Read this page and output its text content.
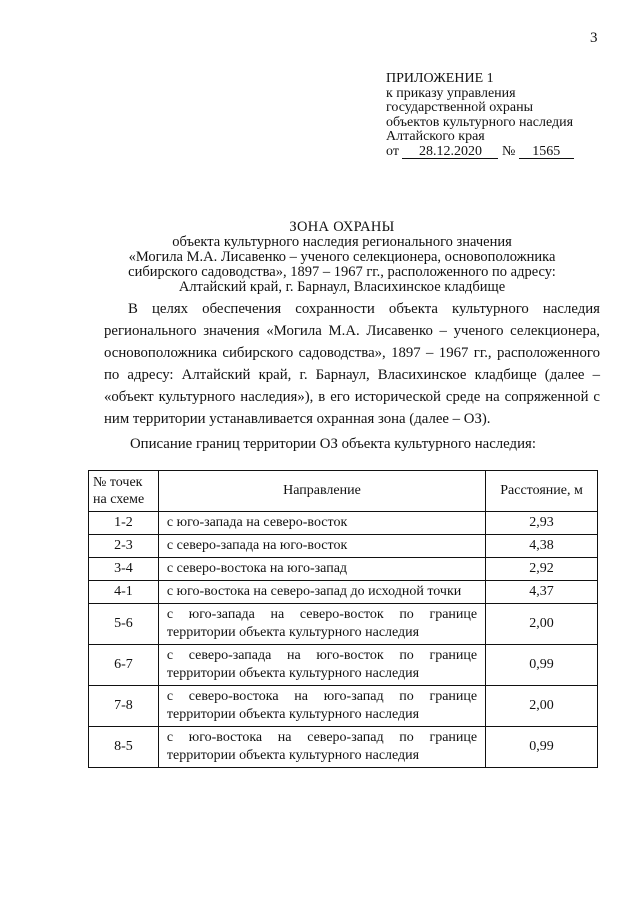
3
ПРИЛОЖЕНИЕ 1
к приказу управления
государственной охраны
объектов культурного наследия
Алтайского края
от 28.12.2020 № 1565
ЗОНА ОХРАНЫ
объекта культурного наследия регионального значения
«Могила М.А. Лисавенко – ученого селекционера, основоположника
сибирского садоводства», 1897 – 1967 гг., расположенного по адресу:
Алтайский край, г. Барнаул, Власихинское кладбище
В целях обеспечения сохранности объекта культурного наследия регионального значения «Могила М.А. Лисавенко – ученого селекционера, основоположника сибирского садоводства», 1897 – 1967 гг., расположенного по адресу: Алтайский край, г. Барнаул, Власихинское кладбище (далее – «объект культурного наследия»), в его исторической среде на сопряженной с ним территории устанавливается охранная зона (далее – ОЗ).
Описание границ территории ОЗ объекта культурного наследия:
№ точек
на схеме	Направление	Расстояние, м
1-2	с юго-запада на северо-восток	2,93
2-3	с северо-запада на юго-восток	4,38
3-4	с северо-востока на юго-запад	2,92
4-1	с юго-востока на северо-запад до исходной точки	4,37
5-6	с юго-запада на северо-восток по границе территории объекта культурного наследия	2,00
6-7	с северо-запада на юго-восток по границе территории объекта культурного наследия	0,99
7-8	с северо-востока на юго-запад по границе территории объекта культурного наследия	2,00
8-5	с юго-востока на северо-запад по границе территории объекта культурного наследия	0,99
